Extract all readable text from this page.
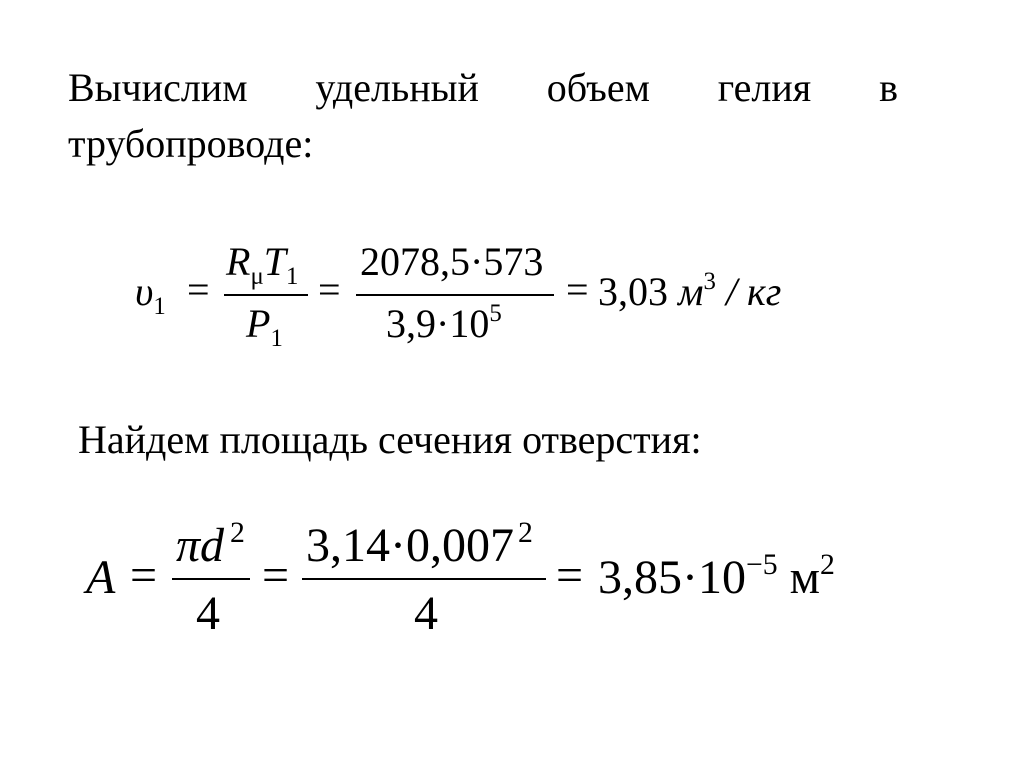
Вычислим удельный объем гелия в
трубопроводе:
$\upsilon_1$ =
$R_\mu T_1$
$P_1$
=
2078,5·573
$3,9\cdot 10^5$
= 3,03 $м^3$ / кг
Найдем площадь сечения отверстия:
A =
πd $^2$
4
=
3,14·0,007 $^2$
4
= $3,85\cdot 10^{-5}$ $м^2$
